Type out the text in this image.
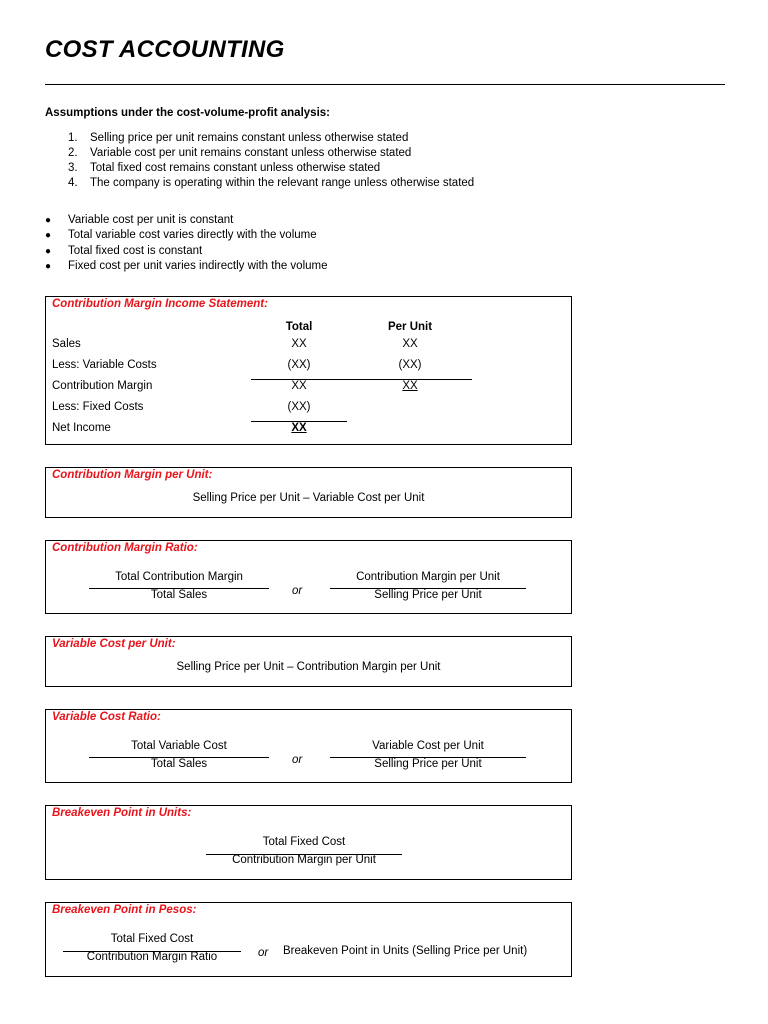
COST ACCOUNTING
Assumptions under the cost-volume-profit analysis:
1. Selling price per unit remains constant unless otherwise stated
2. Variable cost per unit remains constant unless otherwise stated
3. Total fixed cost remains constant unless otherwise stated
4. The company is operating within the relevant range unless otherwise stated
● Variable cost per unit is constant
● Total variable cost varies directly with the volume
● Total fixed cost is constant
● Fixed cost per unit varies indirectly with the volume
Contribution Margin Income Statement:
Total	Per Unit
Sales	XX	XX
Less: Variable Costs	(XX)	(XX)
Contribution Margin	XX	XX
Less: Fixed Costs	(XX)
Net Income	XX
Contribution Margin per Unit:
Selling Price per Unit – Variable Cost per Unit
Contribution Margin Ratio:
Total Contribution Margin
Total Sales	or
Contribution Margin per Unit
Selling Price per Unit
Variable Cost per Unit:
Selling Price per Unit – Contribution Margin per Unit
Variable Cost Ratio:
Total Variable Cost
Total Sales	or
Variable Cost per Unit
Selling Price per Unit
Breakeven Point in Units:
Total Fixed Cost
Contribution Margin per Unit
Breakeven Point in Pesos:
Total Fixed Cost
Contribution Margin Ratio	or Breakeven Point in Units (Selling Price per Unit)
